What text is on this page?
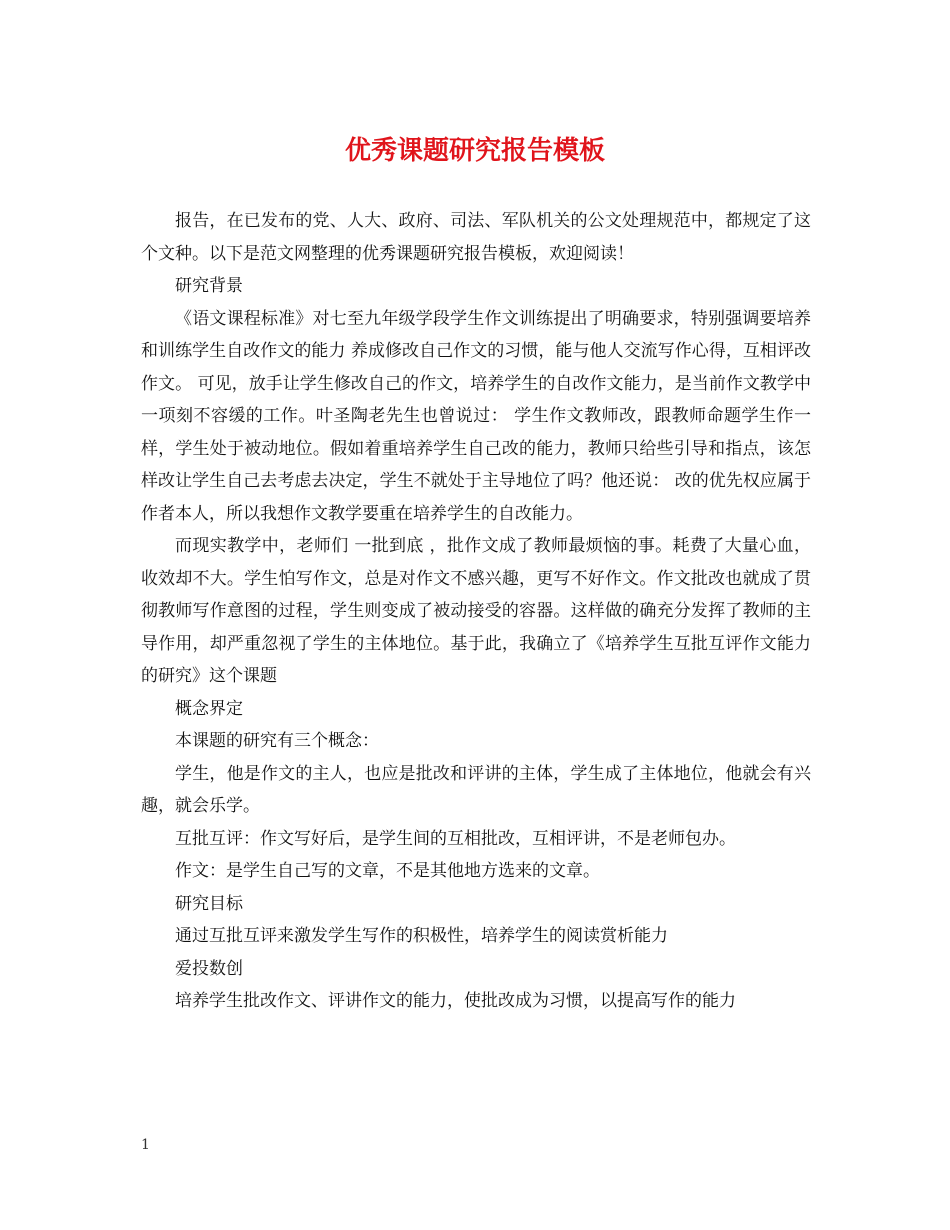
优秀课题研究报告模板

报告，在已发布的党、人大、政府、司法、军队机关的公文处理规范中，都规定了这个文种。以下是范文网整理的优秀课题研究报告模板，欢迎阅读！

研究背景

《语文课程标准》对七至九年级学段学生作文训练提出了明确要求，特别强调要培养和训练学生自改作文的能力 养成修改自己作文的习惯，能与他人交流写作心得，互相评改作文。 可见，放手让学生修改自己的作文，培养学生的自改作文能力，是当前作文教学中一项刻不容缓的工作。叶圣陶老先生也曾说过： 学生作文教师改，跟教师命题学生作一样，学生处于被动地位。假如着重培养学生自己改的能力，教师只给些引导和指点，该怎样改让学生自己去考虑去决定，学生不就处于主导地位了吗？他还说： 改的优先权应属于作者本人，所以我想作文教学要重在培养学生的自改能力。

而现实教学中，老师们 一批到底 ，批作文成了教师最烦恼的事。耗费了大量心血，收效却不大。学生怕写作文，总是对作文不感兴趣，更写不好作文。作文批改也就成了贯彻教师写作意图的过程，学生则变成了被动接受的容器。这样做的确充分发挥了教师的主导作用，却严重忽视了学生的主体地位。基于此，我确立了《培养学生互批互评作文能力的研究》这个课题

概念界定

本课题的研究有三个概念：

学生，他是作文的主人，也应是批改和评讲的主体，学生成了主体地位，他就会有兴趣，就会乐学。

互批互评：作文写好后，是学生间的互相批改，互相评讲，不是老师包办。

作文：是学生自己写的文章，不是其他地方选来的文章。

研究目标

通过互批互评来激发学生写作的积极性，培养学生的阅读赏析能力

爱投数创

培养学生批改作文、评讲作文的能力，使批改成为习惯，以提高写作的能力

1
